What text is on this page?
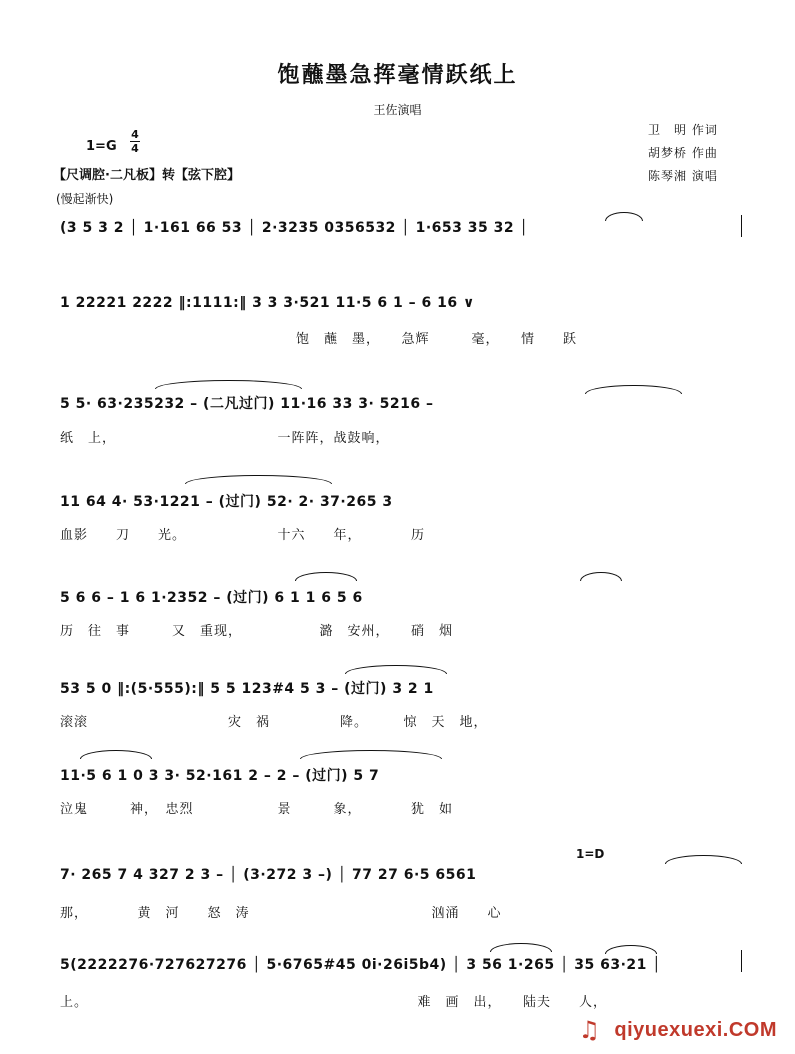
饱蘸墨急挥毫情跃纸上
王佐演唱
卫　明 作词
胡梦桥 作曲
陈琴湘 演唱
1=G
4
4
【尺调腔·二凡板】转【弦下腔】
(慢起渐快)
(3 5 3 2 │ 1·161 66 53 │ 2·3235 0356532 │ 1·653 35 32 │
1 22221 2222 ‖:1111:‖ 3 3 3·521 11·5 6 1 – 6 16 ∨
饱　蘸　墨，　　急辉　　　毫，　　情　　跃
5 5· 63·235232 – (二凡过门) 11·16 33 3· 5216 –
纸　上，　　　　　　　　　　　　一阵阵，战鼓响，
11 64 4· 53·1221 – (过门) 52· 2· 37·265 3
血影　　刀　　光。　　　　　　　十六　　年，　　　　历
5 6 6 – 1 6 1·2352 – (过门) 6 1 1 6 5 6
历　往　事　　　又　重现，　　　　　　潞　安州，　　硝　烟
53 5 0 ‖:(5·555):‖ 5 5 123#4 5 3 – (过门) 3 2 1
滚滚　　　　　　　　　　灾　祸　　　　　降。　　　惊　天　地，
11·5 6 1 0 3 3· 52·161 2 – 2 – (过门) 5 7
泣鬼　　　神，　忠烈　　　　　　景　　　象，　　　　犹　如
1=D
7· 265 7 4 327 2 3 – │ (3·272 3 –) │ 77 27 6·5 6561
那，　　　　黄　河　　怒　涛　　　　　　　　　　　　　汹涌　　心
5(2222276·727627276 │ 5·6765#45 0i·26i5b4) │ 3 56 1·265 │ 35 63·21 │
上。　　　　　　　　　　　　　　　　　　　　　　　　难　画　出，　　陆夫　　人，
♫ qiyuexuexi.COM
